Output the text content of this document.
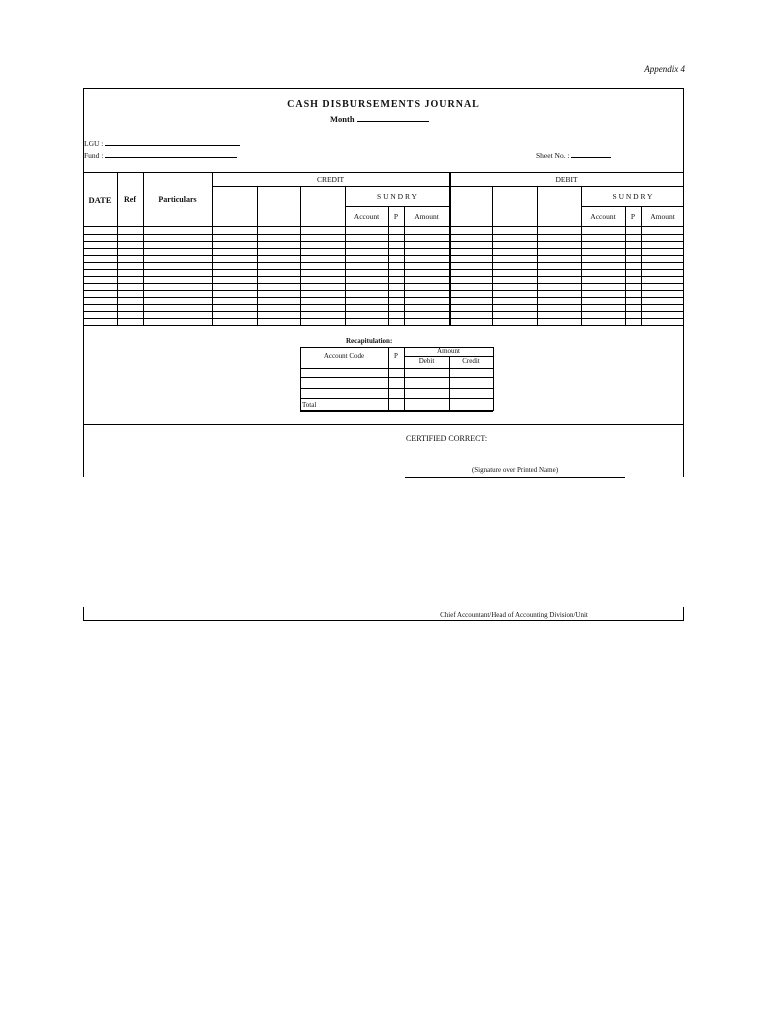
Appendix 4
CASH DISBURSEMENTS JOURNAL
Month
LGU :
Fund :	Sheet No. :
DATE	Ref	Particulars
CREDIT	DEBIT
S U N D R Y	S U N D R Y
Account	P	Amount	Account	P	Amount
Recapitulation:
Account Code	P
Amount
Debit	Credit
Total
CERTIFIED CORRECT:
(Signature over Printed Name)
Chief Accountant/Head of Accounting Division/Unit
